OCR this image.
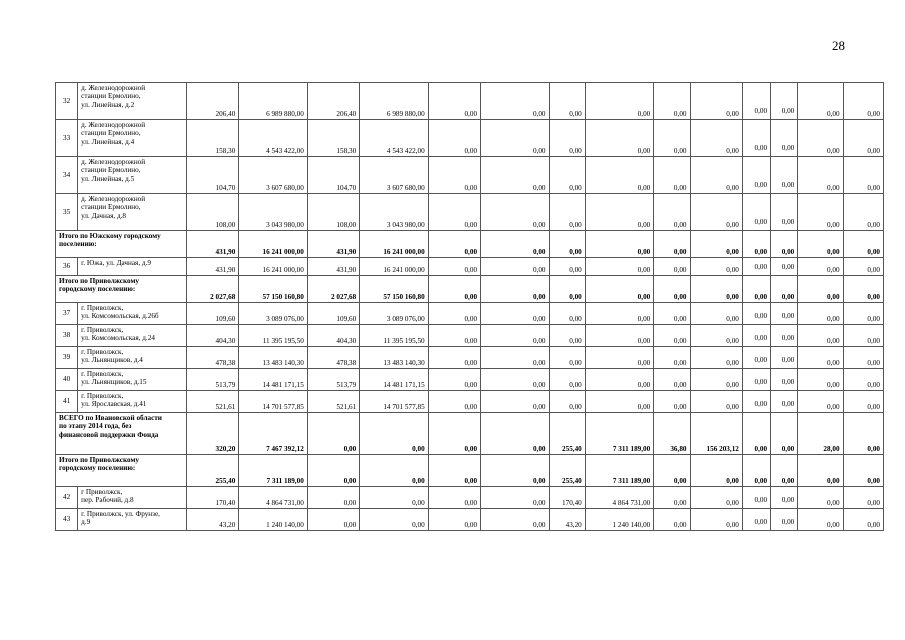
28
32	д. Железнодорожной
станции Ермолино,
ул. Линейная, д.2	206,40	6 989 880,00	206,40	6 989 880,00	0,00	0,00	0,00	0,00	0,00	0,00	0,00	0,00	0,00	0,00
33	д. Железнодорожной
станции Ермолино,
ул. Линейная, д.4	158,30	4 543 422,00	158,30	4 543 422,00	0,00	0,00	0,00	0,00	0,00	0,00	0,00	0,00	0,00	0,00
34	д. Железнодорожной
станции Ермолино,
ул. Линейная, д.5	104,70	3 607 680,00	104,70	3 607 680,00	0,00	0,00	0,00	0,00	0,00	0,00	0,00	0,00	0,00	0,00
35	д. Железнодорожной
станции Ермолино,
ул. Дачная, д.8	108,00	3 043 980,00	108,00	3 043 980,00	0,00	0,00	0,00	0,00	0,00	0,00	0,00	0,00	0,00	0,00
Итого по Южскому городскому
поселению:		431,90	16 241 000,00	431,90	16 241 000,00	0,00	0,00	0,00	0,00	0,00	0,00	0,00	0,00	0,00	0,00
36	г. Южа, ул. Дачная, д.9	431,90	16 241 000,00	431,90	16 241 000,00	0,00	0,00	0,00	0,00	0,00	0,00	0,00	0,00	0,00	0,00
Итого по Приволжскому
городскому поселению:		2 027,68	57 150 160,80	2 027,68	57 150 160,80	0,00	0,00	0,00	0,00	0,00	0,00	0,00	0,00	0,00	0,00
37	г. Приволжск,
ул. Комсомольская, д.26б	109,60	3 089 076,00	109,60	3 089 076,00	0,00	0,00	0,00	0,00	0,00	0,00	0,00	0,00	0,00	0,00
38	г. Приволжск,
ул. Комсомольская, д.24	404,30	11 395 195,50	404,30	11 395 195,50	0,00	0,00	0,00	0,00	0,00	0,00	0,00	0,00	0,00	0,00
39	г. Приволжск,
ул. Льнянщиков, д.4	478,38	13 483 140,30	478,38	13 483 140,30	0,00	0,00	0,00	0,00	0,00	0,00	0,00	0,00	0,00	0,00
40	г. Приволжск,
ул. Льнянщиков, д.15	513,79	14 481 171,15	513,79	14 481 171,15	0,00	0,00	0,00	0,00	0,00	0,00	0,00	0,00	0,00	0,00
41	г. Приволжск,
ул. Ярославская, д.41	521,61	14 701 577,85	521,61	14 701 577,85	0,00	0,00	0,00	0,00	0,00	0,00	0,00	0,00	0,00	0,00
ВСЕГО по Ивановской области
по этапу 2014 года, без
финансовой поддержки Фонда		320,20	7 467 392,12	0,00	0,00	0,00	0,00	255,40	7 311 189,00	36,80	156 203,12	0,00	0,00	28,00	0,00
Итого по Приволжскому
городскому поселению:		255,40	7 311 189,00	0,00	0,00	0,00	0,00	255,40	7 311 189,00	0,00	0,00	0,00	0,00	0,00	0,00
42	г Приволжск,
пер. Рабочий, д.8	170,40	4 864 731,00	0,00	0,00	0,00	0,00	170,40	4 864 731,00	0,00	0,00	0,00	0,00	0,00	0,00
43	г. Приволжск, ул. Фрунзе,
д.9	43,20	1 240 140,00	0,00	0,00	0,00	0,00	43,20	1 240 140,00	0,00	0,00	0,00	0,00	0,00	0,00
